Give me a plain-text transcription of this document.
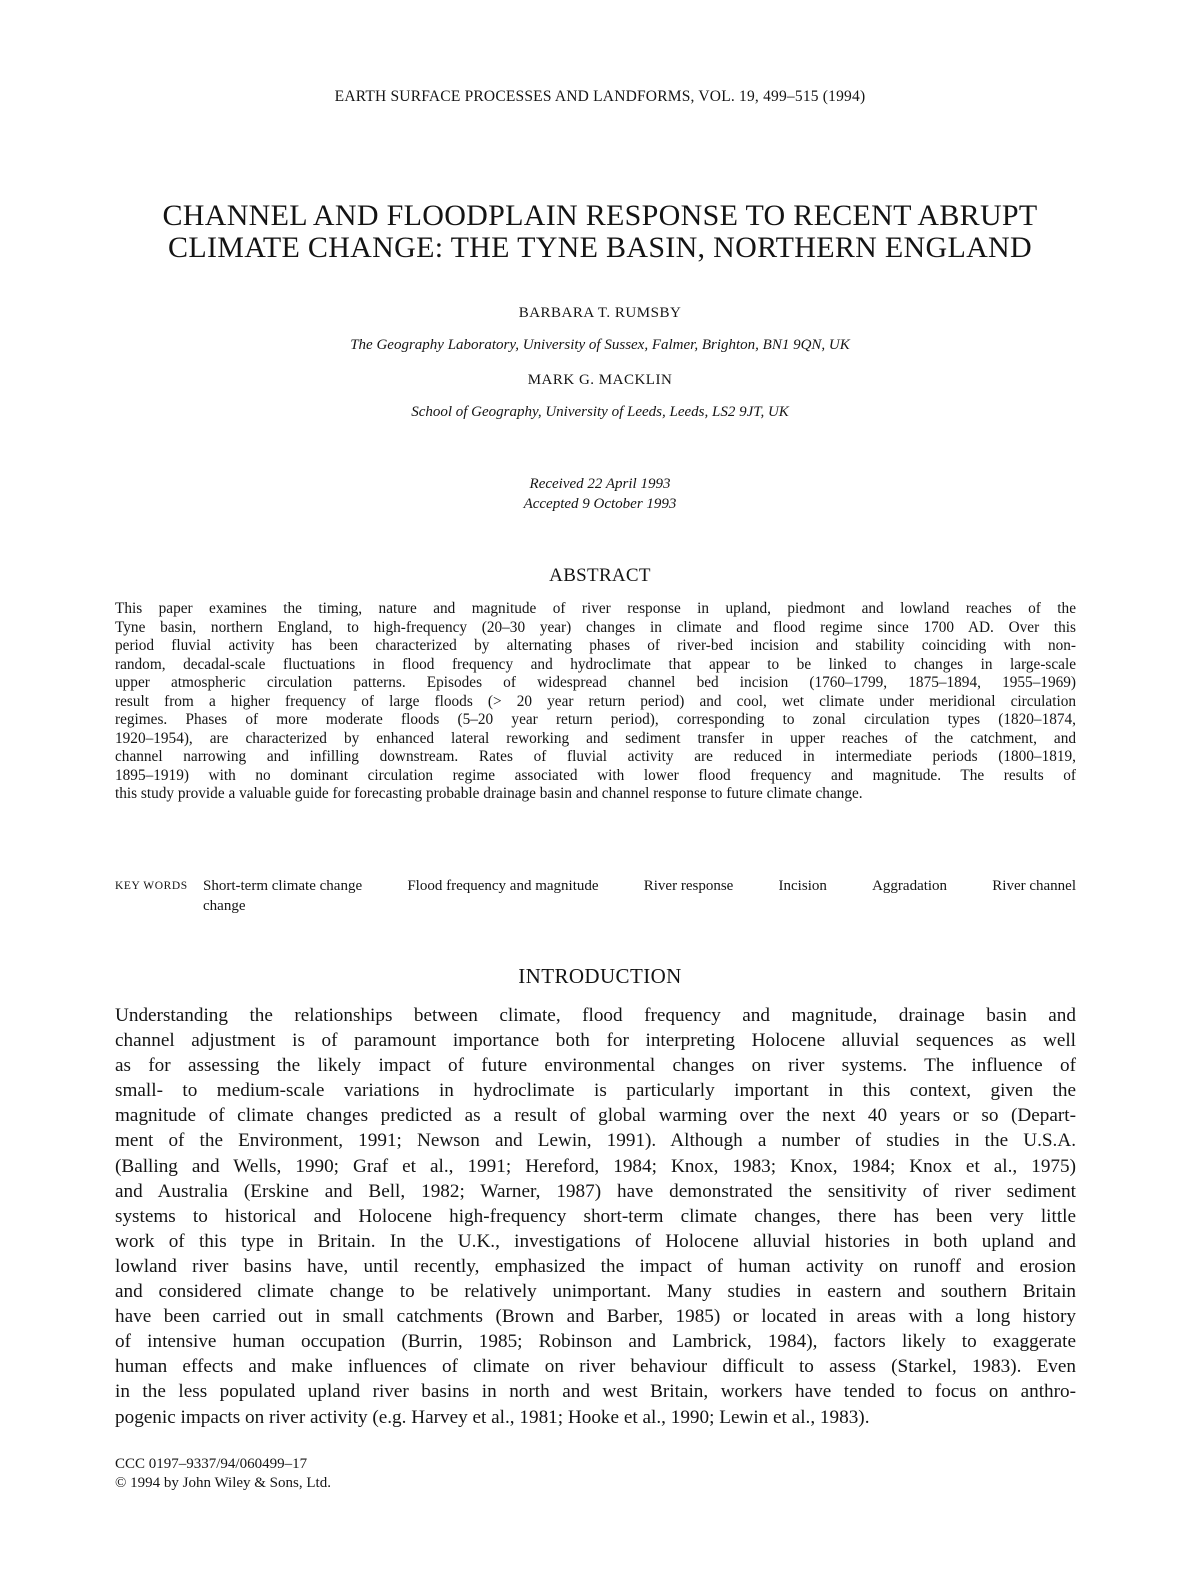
EARTH SURFACE PROCESSES AND LANDFORMS, VOL. 19, 499–515 (1994)
CHANNEL AND FLOODPLAIN RESPONSE TO RECENT ABRUPT
CLIMATE CHANGE: THE TYNE BASIN, NORTHERN ENGLAND
BARBARA T. RUMSBY
The Geography Laboratory, University of Sussex, Falmer, Brighton, BN1 9QN, UK
MARK G. MACKLIN
School of Geography, University of Leeds, Leeds, LS2 9JT, UK
Received 22 April 1993
Accepted 9 October 1993
ABSTRACT
This paper examines the timing, nature and magnitude of river response in upland, piedmont and lowland reaches of the
Tyne basin, northern England, to high-frequency (20–30 year) changes in climate and flood regime since 1700 AD. Over this
period fluvial activity has been characterized by alternating phases of river-bed incision and stability coinciding with non-
random, decadal-scale fluctuations in flood frequency and hydroclimate that appear to be linked to changes in large-scale
upper atmospheric circulation patterns. Episodes of widespread channel bed incision (1760–1799, 1875–1894, 1955–1969)
result from a higher frequency of large floods (> 20 year return period) and cool, wet climate under meridional circulation
regimes. Phases of more moderate floods (5–20 year return period), corresponding to zonal circulation types (1820–1874,
1920–1954), are characterized by enhanced lateral reworking and sediment transfer in upper reaches of the catchment, and
channel narrowing and infilling downstream. Rates of fluvial activity are reduced in intermediate periods (1800–1819,
1895–1919) with no dominant circulation regime associated with lower flood frequency and magnitude. The results of
this study provide a valuable guide for forecasting probable drainage basin and channel response to future climate change.
KEY WORDS Short-term climate change	Flood frequency and magnitude	River response	Incision	Aggradation	River channel
change
INTRODUCTION
Understanding the relationships between climate, flood frequency and magnitude, drainage basin and
channel adjustment is of paramount importance both for interpreting Holocene alluvial sequences as well
as for assessing the likely impact of future environmental changes on river systems. The influence of
small- to medium-scale variations in hydroclimate is particularly important in this context, given the
magnitude of climate changes predicted as a result of global warming over the next 40 years or so (Depart-
ment of the Environment, 1991; Newson and Lewin, 1991). Although a number of studies in the U.S.A.
(Balling and Wells, 1990; Graf et al., 1991; Hereford, 1984; Knox, 1983; Knox, 1984; Knox et al., 1975)
and Australia (Erskine and Bell, 1982; Warner, 1987) have demonstrated the sensitivity of river sediment
systems to historical and Holocene high-frequency short-term climate changes, there has been very little
work of this type in Britain. In the U.K., investigations of Holocene alluvial histories in both upland and
lowland river basins have, until recently, emphasized the impact of human activity on runoff and erosion
and considered climate change to be relatively unimportant. Many studies in eastern and southern Britain
have been carried out in small catchments (Brown and Barber, 1985) or located in areas with a long history
of intensive human occupation (Burrin, 1985; Robinson and Lambrick, 1984), factors likely to exaggerate
human effects and make influences of climate on river behaviour difficult to assess (Starkel, 1983). Even
in the less populated upland river basins in north and west Britain, workers have tended to focus on anthro-
pogenic impacts on river activity (e.g. Harvey et al., 1981; Hooke et al., 1990; Lewin et al., 1983).
CCC 0197–9337/94/060499–17
© 1994 by John Wiley & Sons, Ltd.
